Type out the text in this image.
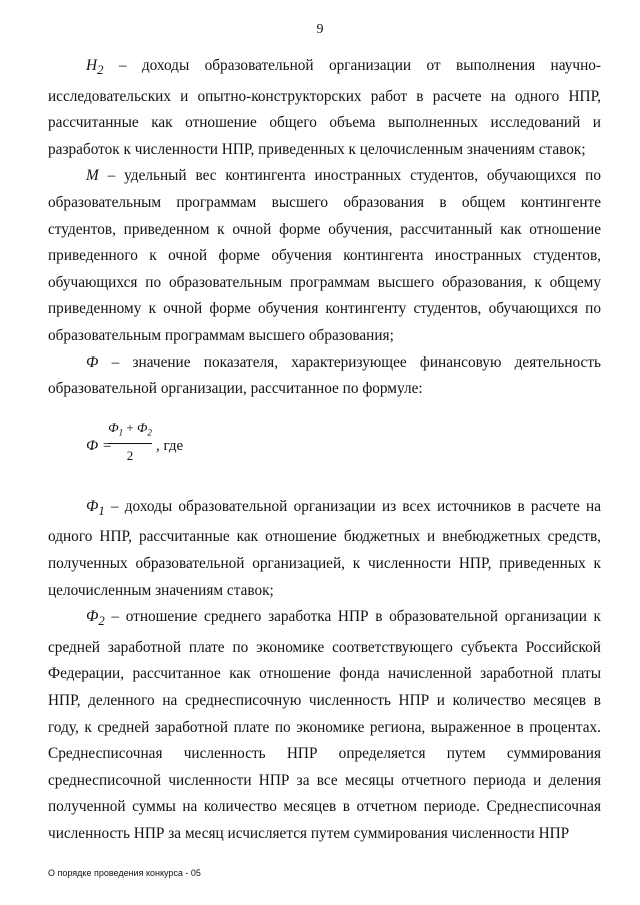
9

$H_2$ – доходы образовательной организации от выполнения научно-исследовательских и опытно-конструкторских работ в расчете на одного НПР, рассчитанные как отношение общего объема выполненных исследований и разработок к численности НПР, приведенных к целочисленным значениям ставок;

М – удельный вес контингента иностранных студентов, обучающихся по образовательным программам высшего образования в общем контингенте студентов, приведенном к очной форме обучения, рассчитанный как отношение приведенного к очной форме обучения контингента иностранных студентов, обучающихся по образовательным программам высшего образования, к общему приведенному к очной форме обучения контингенту студентов, обучающихся по образовательным программам высшего образования;

Ф – значение показателя, характеризующее финансовую деятельность образовательной организации, рассчитанное по формуле:

Ф =
$Ф_1 + Ф_2$
2
, где

$Ф_1$ – доходы образовательной организации из всех источников в расчете на одного НПР, рассчитанные как отношение бюджетных и внебюджетных средств, полученных образовательной организацией, к численности НПР, приведенных к целочисленным значениям ставок;

$Ф_2$ – отношение среднего заработка НПР в образовательной организации к средней заработной плате по экономике соответствующего субъекта Российской Федерации, рассчитанное как отношение фонда начисленной заработной платы НПР, деленного на среднесписочную численность НПР и количество месяцев в году, к средней заработной плате по экономике региона, выраженное в процентах. Среднесписочная численность НПР определяется путем суммирования среднесписочной численности НПР за все месяцы отчетного периода и деления полученной суммы на количество месяцев в отчетном периоде. Среднесписочная численность НПР за месяц исчисляется путем суммирования численности НПР

О порядке проведения конкурса - 05
